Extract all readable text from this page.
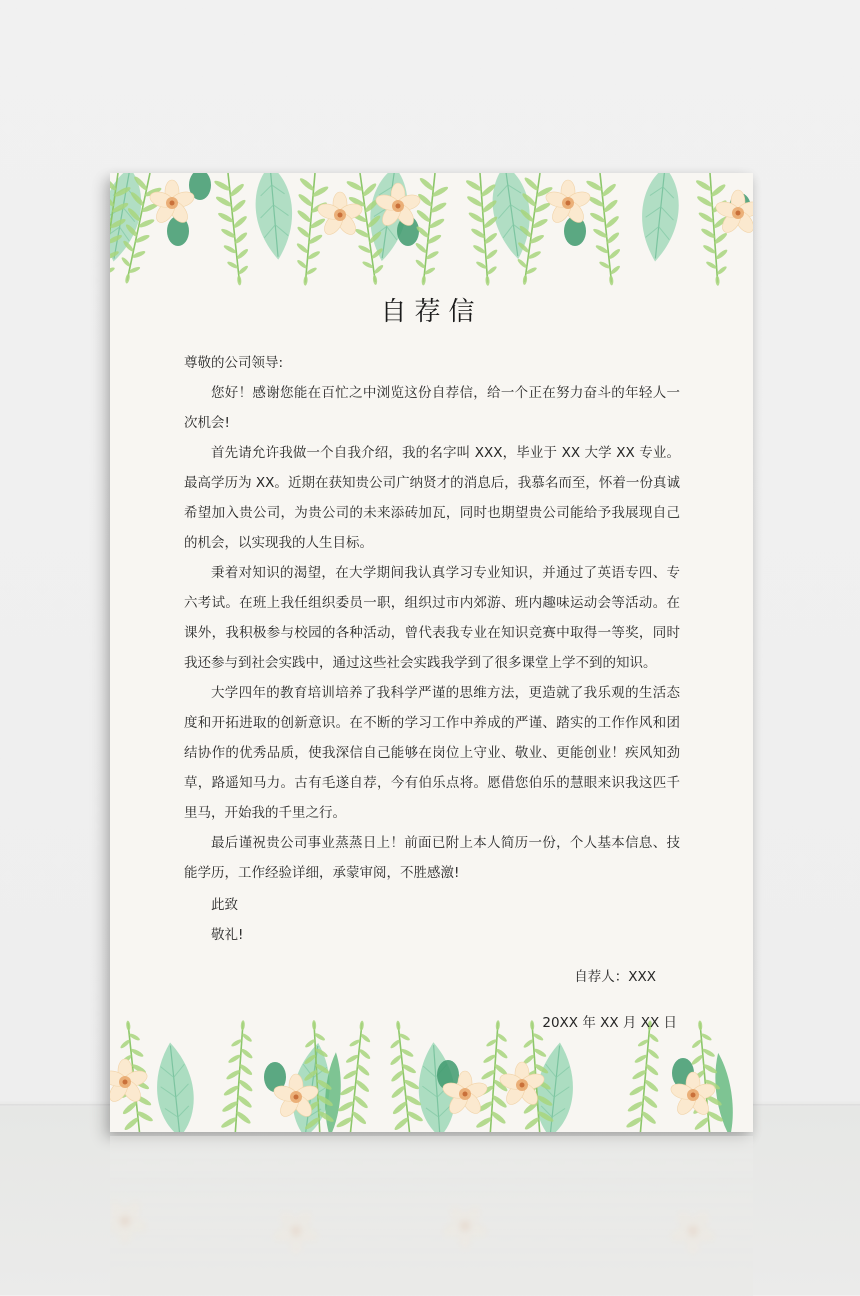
自荐信

尊敬的公司领导:

您好！感谢您能在百忙之中浏览这份自荐信，给一个正在努力奋斗的年轻人一次机会!

首先请允许我做一个自我介绍，我的名字叫 XXX，毕业于 XX 大学 XX 专业。最高学历为 XX。近期在获知贵公司广纳贤才的消息后，我慕名而至，怀着一份真诚希望加入贵公司，为贵公司的未来添砖加瓦，同时也期望贵公司能给予我展现自己的机会，以实现我的人生目标。

秉着对知识的渴望，在大学期间我认真学习专业知识，并通过了英语专四、专六考试。在班上我任组织委员一职，组织过市内郊游、班内趣味运动会等活动。在课外，我积极参与校园的各种活动，曾代表我专业在知识竞赛中取得一等奖，同时我还参与到社会实践中，通过这些社会实践我学到了很多课堂上学不到的知识。

大学四年的教育培训培养了我科学严谨的思维方法，更造就了我乐观的生活态度和开拓进取的创新意识。在不断的学习工作中养成的严谨、踏实的工作作风和团结协作的优秀品质，使我深信自己能够在岗位上守业、敬业、更能创业！疾风知劲草，路遥知马力。古有毛遂自荐，今有伯乐点将。愿借您伯乐的慧眼来识我这匹千里马，开始我的千里之行。

最后谨祝贵公司事业蒸蒸日上！前面已附上本人简历一份，个人基本信息、技能学历，工作经验详细，承蒙审阅，不胜感激!

此致

敬礼!

自荐人：XXX
20XX 年 XX 月 XX 日
